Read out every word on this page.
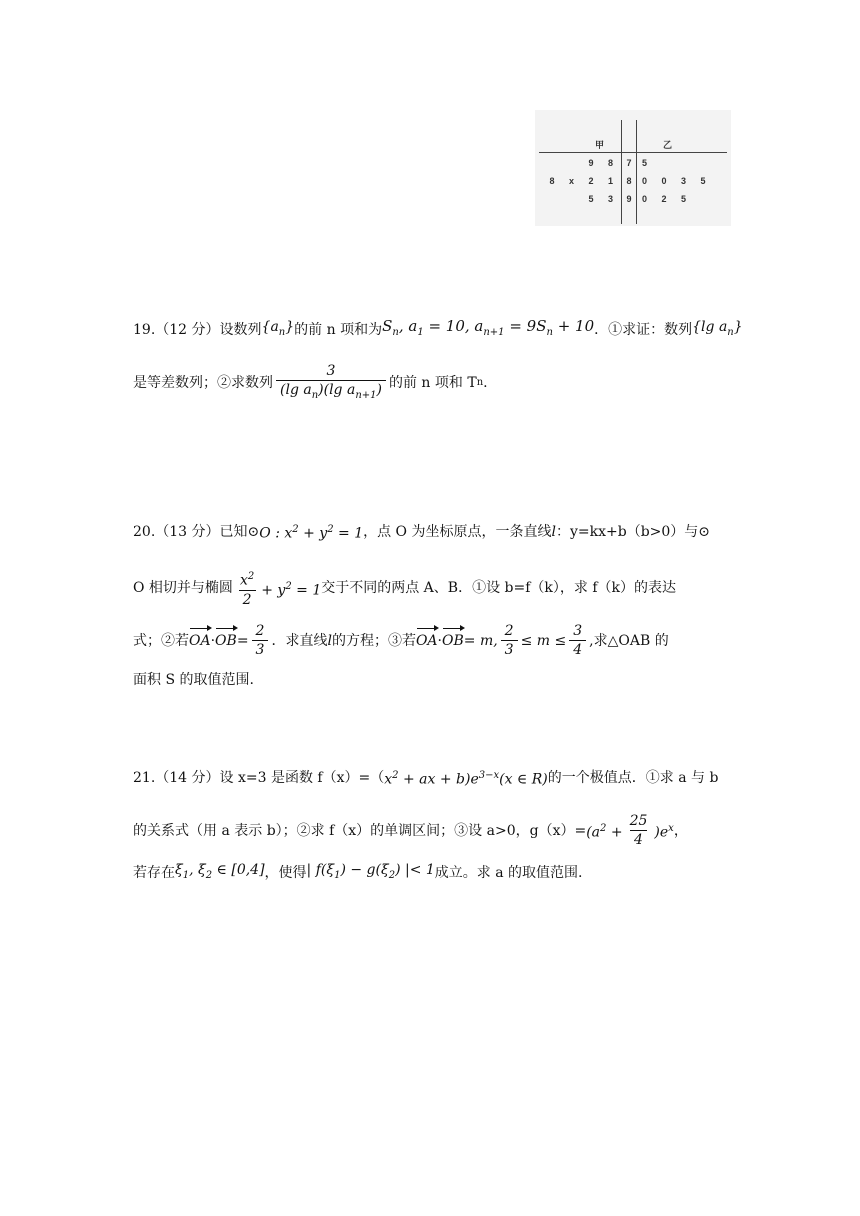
甲	乙
9 8 7 5
8 x 2 1 8 0 0 3 5
5 3 9 0 2 5
19. （12 分） 设数列 $\{a_n\}$ 的前 n 项和为 $S_n$, $a_1 = 10$, $a_{n+1} = 9S_n + 10$ ．①求证：数列 {lg $a_n$}
是等差数列；②求数列 $\frac{3}{(\lg a_n)(\lg a_{n+1})}$ 的前 n 项和 T n .
20. （13 分） 已知⊙ O : $x^2 + y^2 = 1$ ，点 O 为坐标原点，一条直线 l ：y=kx+b（b>0）与⊙
O 相切并与椭圆 $\frac{x^2}{2} + y^2 = 1$ 交于不同的两点 A、B．①设 b=f（k），求 f（k）的表达
式；②若 OA · OB = $\frac{2}{3}$ ．求直线 l 的方程；③若 OA · OB = m, $\frac{2}{3} \le m \le \frac{3}{4}$ ,求△OAB 的
面积 S 的取值范围.
21. （14 分） 设 x=3 是函数 f（x）=（ $x^2$ + ax + $b)e^{3-x}(x$ ∈ R) 的一个极值点．①求 a 与 b
的关系式（用 a 表示 b）；②求 f（x）的单调区间；③设 a>0，$g(x)= (a^2 + \frac{25}{4} )e^x$ ，
若存在 $\xi_1$, $\xi_2$ ∈ [0,4] ，使得 | $f(\xi_1) - g(\xi_2)$ |< 1 成立。求 a 的取值范围.
